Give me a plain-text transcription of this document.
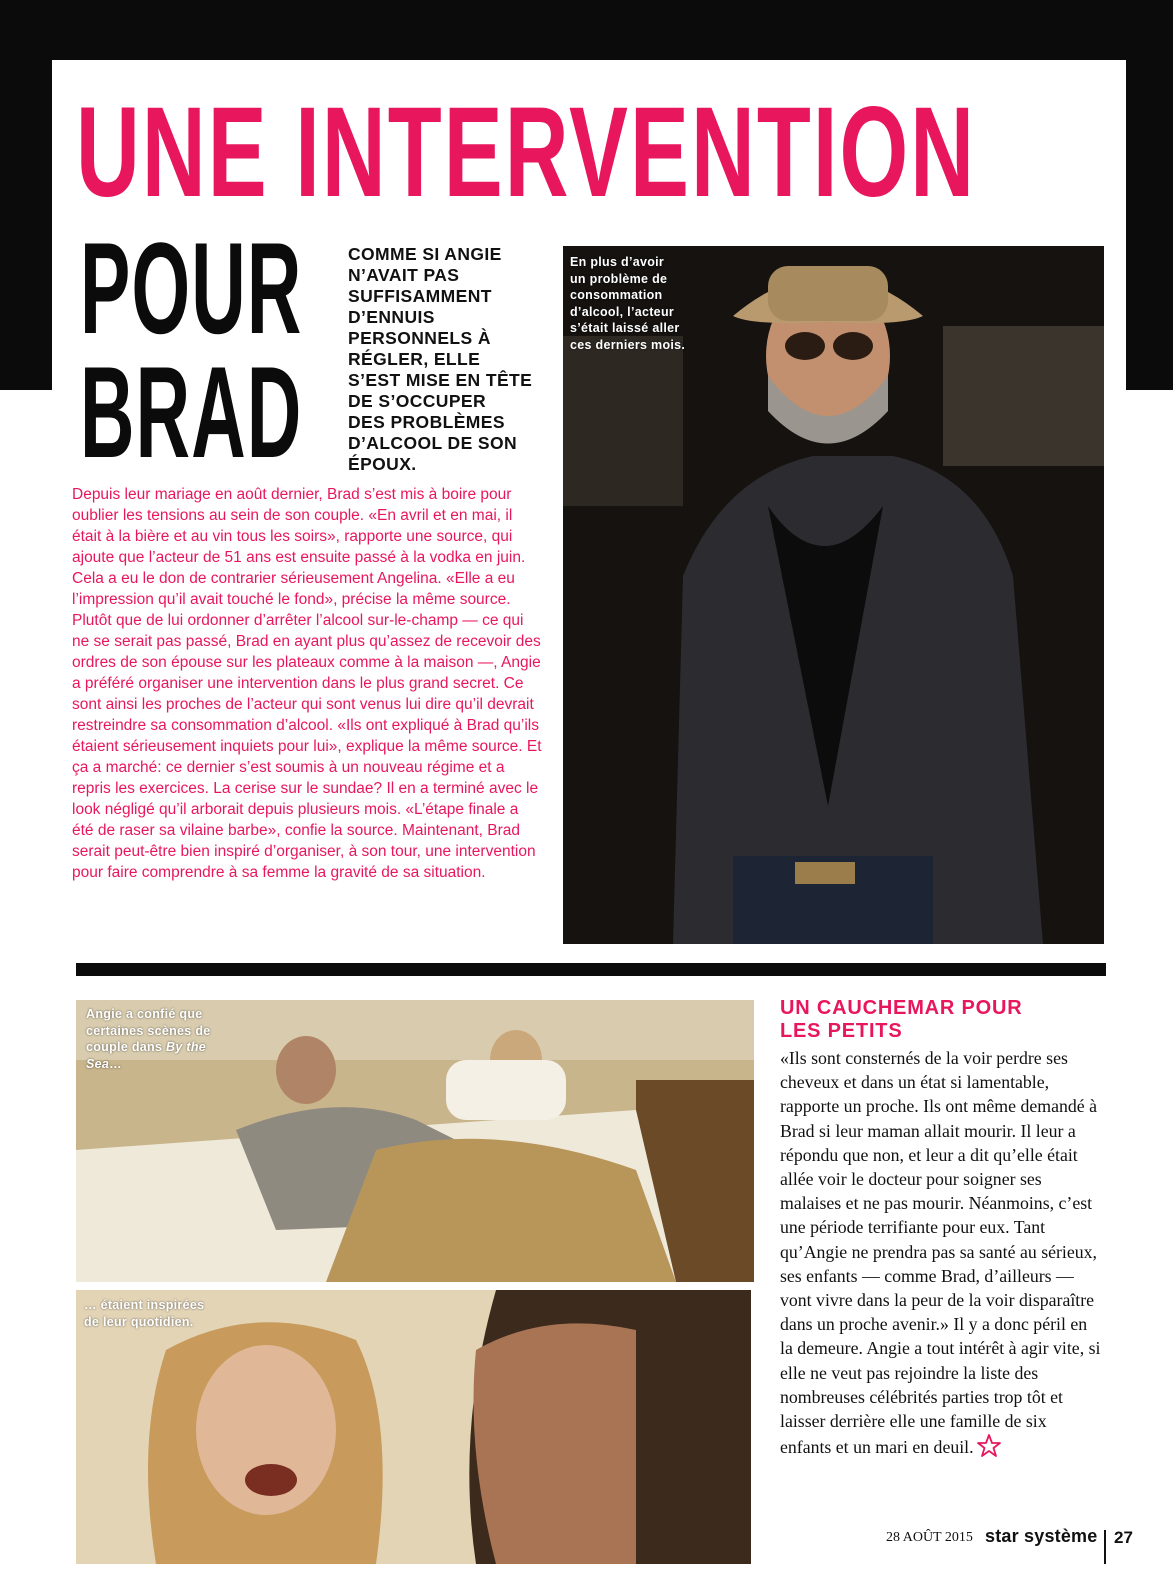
UNE INTERVENTION
POUR
BRAD
COMME SI ANGIE
N’AVAIT PAS
SUFFISAMMENT
D’ENNUIS
PERSONNELS À
RÉGLER, ELLE
S’EST MISE EN TÊTE
DE S’OCCUPER
DES PROBLÈMES
D’ALCOOL DE SON
ÉPOUX.

Depuis leur mariage en août dernier, Brad s’est mis à boire pour oublier les tensions au sein de son couple. «En avril et en mai, il était à la bière et au vin tous les soirs», rapporte une source, qui ajoute que l’acteur de 51 ans est ensuite passé à la vodka en juin. Cela a eu le don de contrarier sérieusement Angelina. «Elle a eu l’impression qu’il avait touché le fond», précise la même source. Plutôt que de lui ordonner d’arrêter l’alcool sur-le-champ — ce qui ne se serait pas passé, Brad en ayant plus qu’assez de recevoir des ordres de son épouse sur les plateaux comme à la maison —, Angie a préféré organiser une intervention dans le plus grand secret. Ce sont ainsi les proches de l’acteur qui sont venus lui dire qu’il devrait restreindre sa consommation d’alcool. «Ils ont expliqué à Brad qu’ils étaient sérieusement inquiets pour lui», explique la même source. Et ça a marché: ce dernier s’est soumis à un nouveau régime et a repris les exercices. La cerise sur le sundae? Il en a terminé avec le look négligé qu’il arborait depuis plusieurs mois. «L’étape finale a été de raser sa vilaine barbe», confie la source. Maintenant, Brad serait peut-être bien inspiré d’organiser, à son tour, une intervention pour faire comprendre à sa femme la gravité de sa situation.

En plus d’avoir
un problème de
consommation
d’alcool, l’acteur
s’était laissé aller
ces derniers mois.
Angie a confié que
certaines scènes de
couple dans By the
Sea…
… étaient inspirées
de leur quotidien.
UN CAUCHEMAR POUR
LES PETITS

«Ils sont consternés de la voir perdre ses cheveux et dans un état si lamentable, rapporte un proche. Ils ont même demandé à Brad si leur maman allait mourir. Il leur a répondu que non, et leur a dit qu’elle était allée voir le docteur pour soigner ses malaises et ne pas mourir. Néanmoins, c’est une période terrifiante pour eux. Tant qu’Angie ne prendra pas sa santé au sérieux, ses enfants — comme Brad, d’ailleurs — vont vivre dans la peur de la voir disparaître dans un proche avenir.» Il y a donc péril en la demeure. Angie a tout intérêt à agir vite, si elle ne veut pas rejoindre la liste des nombreuses célébrités parties trop tôt et laisser derrière elle une famille de six enfants et un mari en deuil.

28 AOÛT 2015 star système 27
